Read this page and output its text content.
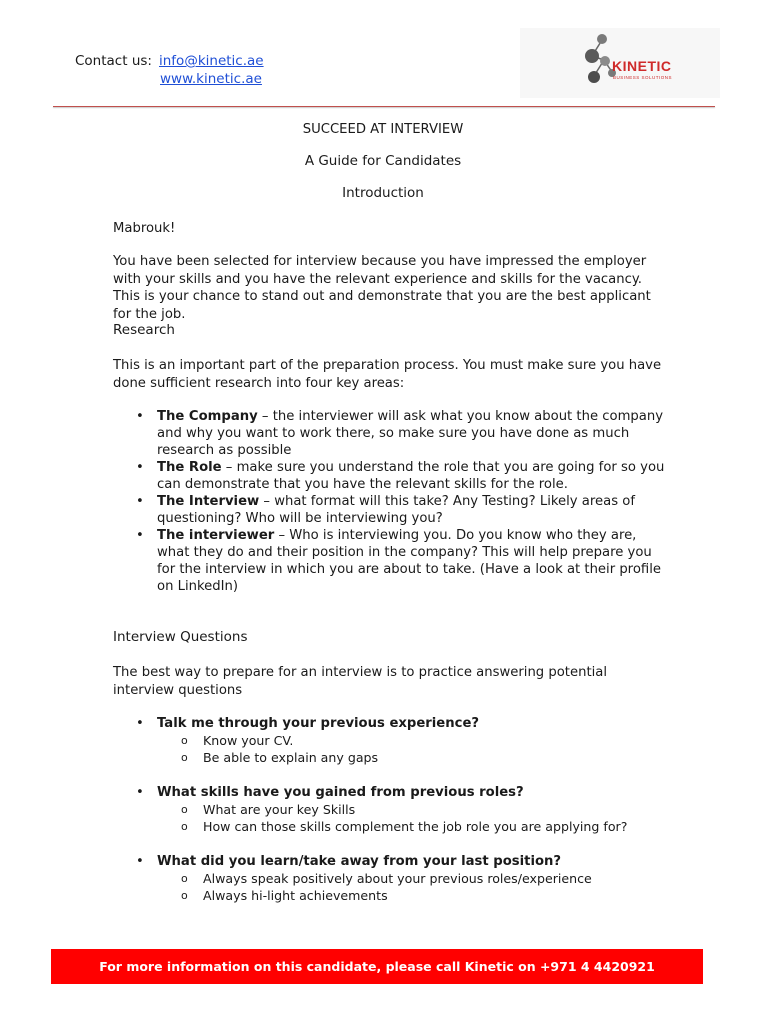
Contact us: info@kinetic.ae
www.kinetic.ae
KINETIC
BUSINESS SOLUTIONS
SUCCEED AT INTERVIEW
A Guide for Candidates
Introduction
Mabrouk!
You have been selected for interview because you have impressed the employer with your skills and you have the relevant experience and skills for the vacancy. This is your chance to stand out and demonstrate that you are the best applicant for the job.
Research
This is an important part of the preparation process. You must make sure you have done sufficient research into four key areas:
• The Company – the interviewer will ask what you know about the company and why you want to work there, so make sure you have done as much research as possible
• The Role – make sure you understand the role that you are going for so you can demonstrate that you have the relevant skills for the role.
• The Interview – what format will this take? Any Testing? Likely areas of questioning? Who will be interviewing you?
• The interviewer – Who is interviewing you. Do you know who they are, what they do and their position in the company? This will help prepare you for the interview in which you are about to take. (Have a look at their profile on LinkedIn)
Interview Questions
The best way to prepare for an interview is to practice answering potential interview questions
• Talk me through your previous experience?
o Know your CV.
o Be able to explain any gaps
• What skills have you gained from previous roles?
o What are your key Skills
o How can those skills complement the job role you are applying for?
• What did you learn/take away from your last position?
o Always speak positively about your previous roles/experience
o Always hi-light achievements
For more information on this candidate, please call Kinetic on +971 4 4420921
